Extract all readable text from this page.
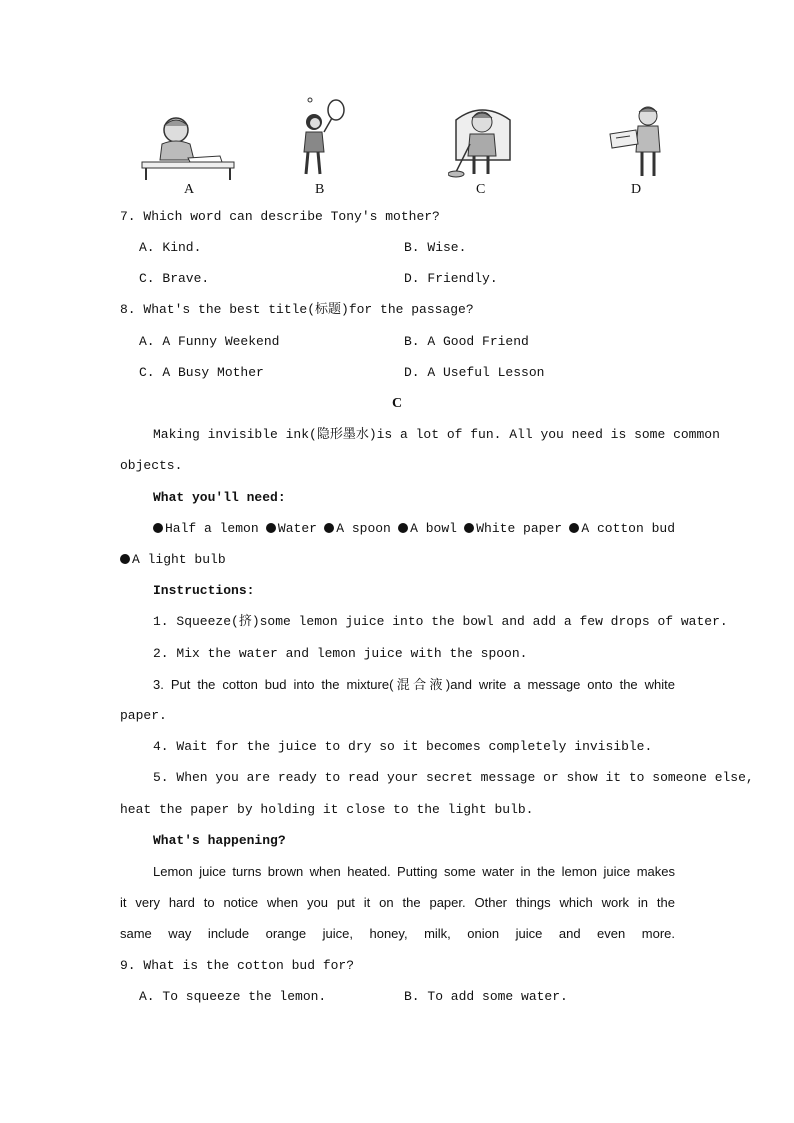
A	B	C	D
7. Which word can describe Tony's mother?
A. Kind.	B. Wise.
C. Brave.	D. Friendly.
8. What's the best title(标题)for the passage?
A. A Funny Weekend	B. A Good Friend
C. A Busy Mother	D. A Useful Lesson
C
Making invisible ink(隐形墨水)is a lot of fun. All you need is some common
objects.
What you'll need:
Half a lemon	Water	A spoon	A bowl	White paper	A cotton bud
A light bulb
Instructions:
1. Squeeze(挤)some lemon juice into the bowl and add a few drops of water.
2. Mix the water and lemon juice with the spoon.
3. Put the cotton bud into the mixture(混合液)and write a message onto the white
paper.
4. Wait for the juice to dry so it becomes completely invisible.
5. When you are ready to read your secret message or show it to someone else,
heat the paper by holding it close to the light bulb.
What's happening?
Lemon juice turns brown when heated. Putting some water in the lemon juice makes
it very hard to notice when you put it on the paper. Other things which work in the
same way include orange juice, honey, milk, onion juice and even more.
9. What is the cotton bud for?
A. To squeeze the lemon.	B. To add some water.
